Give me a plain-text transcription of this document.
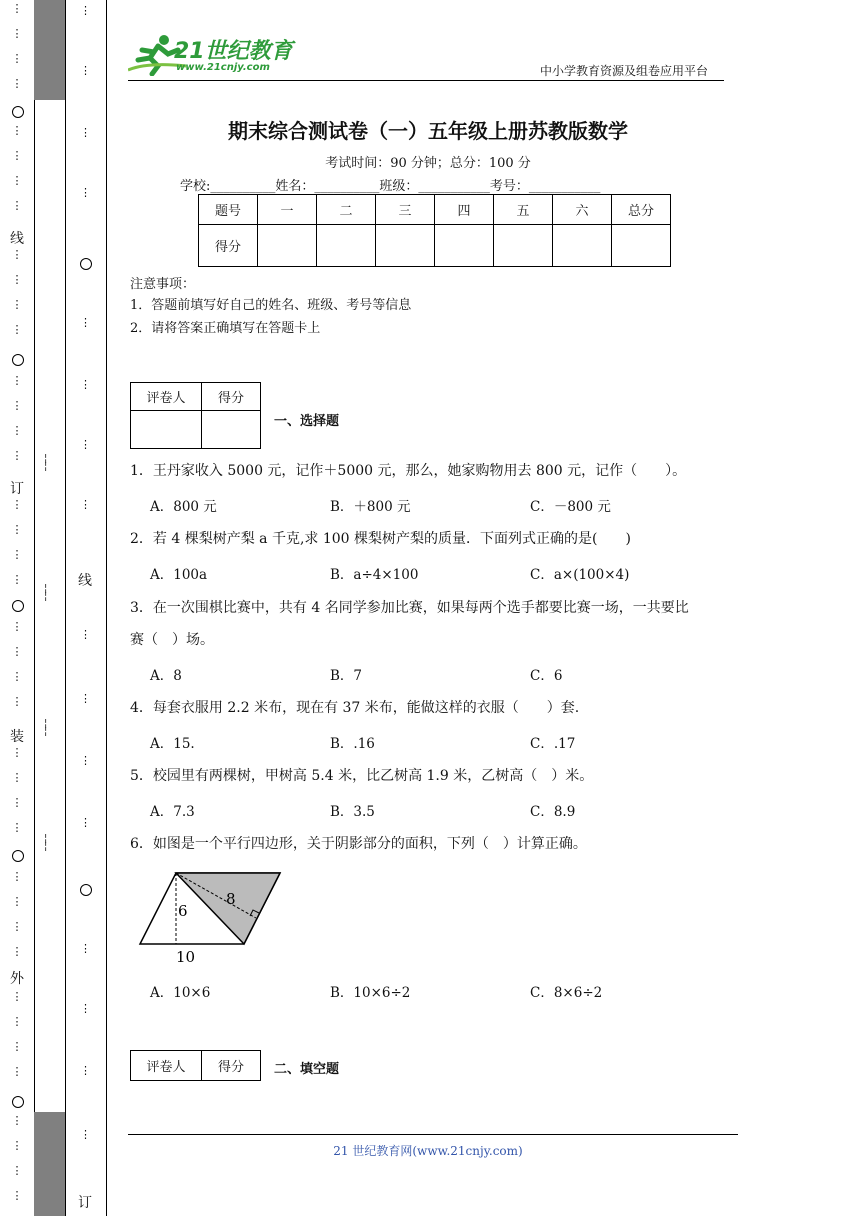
线
订
装
外
¦
¦
¦
¦
¦
¦
¦
¦
线
订
21世纪教育
www.21cnjy.com	中小学教育资源及组卷应用平台
期末综合测试卷（一）五年级上册苏教版数学
考试时间：90 分钟；总分：100 分
学校:__________姓名：__________班级：___________考号：___________
题号	一	二	三	四	五	六	总分
得分							
注意事项：
1．答题前填写好自己的姓名、班级、考号等信息
2．请将答案正确填写在答题卡上
评卷人	得分

一、选择题
1．王丹家收入 5000 元，记作＋5000 元，那么，她家购物用去 800 元，记作（　　）。
A．800 元	B．＋800 元	C．－800 元
2．若 4 棵梨树产梨 a 千克,求 100 棵梨树产梨的质量．下面列式正确的是(　　)
A．100a	B．a÷4×100	C．a×(100×4)
3．在一次围棋比赛中，共有 4 名同学参加比赛，如果每两个选手都要比赛一场，一共要比
赛（　）场。
A．8	B．7	C．6
4．每套衣服用 2.2 米布，现在有 37 米布，能做这样的衣服（　　）套.
A．15.	B．.16	C．.17
5．校园里有两棵树，甲树高 5.4 米，比乙树高 1.9 米，乙树高（　）米。
A．7.3	B．3.5	C．8.9
6．如图是一个平行四边形，关于阴影部分的面积，下列（　）计算正确。
6
10
8
A．10×6	B．10×6÷2	C．8×6÷2
评卷人	得分 二、填空题
21 世纪教育网(www.21cnjy.com)
⋮
⋮
⋮
⋮
⋮
⋮
⋮
⋮
⋮
⋮
⋮
⋮
⋮
⋮
⋮
⋮
⋮
⋮
⋮
⋮
⋮
⋮
⋮
⋮
⋮
⋮
⋮
⋮
⋮
⋮
⋮
⋮
⋮
⋮
⋮
⋮
⋮
⋮
⋮
⋮
⋮
⋮
⋮
⋮
⋮
⋮
⋮
⋮
⋮
⋮
⋮
⋮
⋮
⋮
⋮
⋮
